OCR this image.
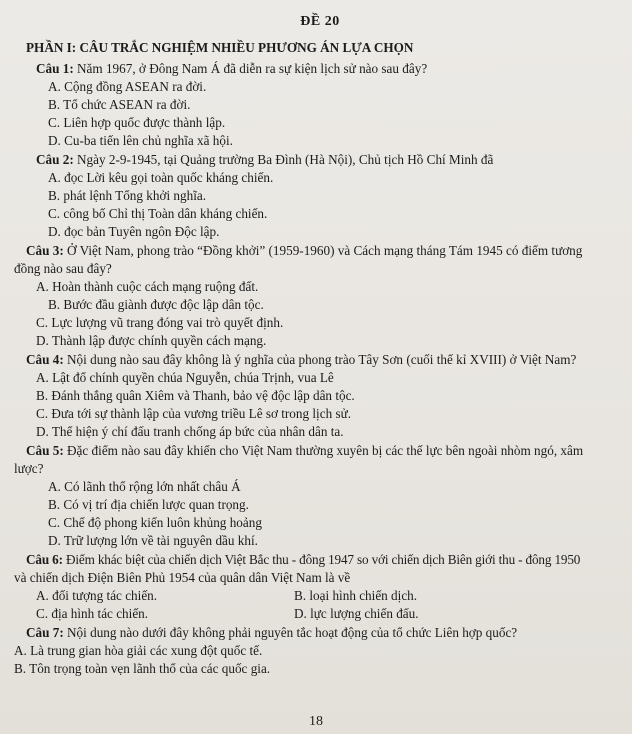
ĐỀ 20
PHẦN I: CÂU TRẮC NGHIỆM NHIỀU PHƯƠNG ÁN LỰA CHỌN
Câu 1: Năm 1967, ở Đông Nam Á đã diễn ra sự kiện lịch sử nào sau đây?
A. Cộng đồng ASEAN ra đời.
B. Tổ chức ASEAN ra đời.
C. Liên hợp quốc được thành lập.
D. Cu-ba tiến lên chủ nghĩa xã hội.
Câu 2: Ngày 2-9-1945, tại Quảng trường Ba Đình (Hà Nội), Chủ tịch Hồ Chí Minh đã
A. đọc Lời kêu gọi toàn quốc kháng chiến.
B. phát lệnh Tổng khởi nghĩa.
C. công bố Chỉ thị Toàn dân kháng chiến.
D. đọc bản Tuyên ngôn Độc lập.
Câu 3: Ở Việt Nam, phong trào “Đồng khởi” (1959-1960) và Cách mạng tháng Tám 1945 có điểm tương
đồng nào sau đây?
A. Hoàn thành cuộc cách mạng ruộng đất.
B. Bước đầu giành được độc lập dân tộc.
C. Lực lượng vũ trang đóng vai trò quyết định.
D. Thành lập được chính quyền cách mạng.
Câu 4: Nội dung nào sau đây không là ý nghĩa của phong trào Tây Sơn (cuối thế kỉ XVIII) ở Việt Nam?
A. Lật đổ chính quyền chúa Nguyễn, chúa Trịnh, vua Lê
B. Đánh thắng quân Xiêm và Thanh, bảo vệ độc lập dân tộc.
C. Đưa tới sự thành lập của vương triều Lê sơ trong lịch sử.
D. Thể hiện ý chí đấu tranh chống áp bức của nhân dân ta.
Câu 5: Đặc điểm nào sau đây khiến cho Việt Nam thường xuyên bị các thế lực bên ngoài nhòm ngó, xâm
lược?
A. Có lãnh thổ rộng lớn nhất châu Á
B. Có vị trí địa chiến lược quan trọng.
C. Chế độ phong kiến luôn khủng hoảng
D. Trữ lượng lớn về tài nguyên dầu khí.
Câu 6: Điểm khác biệt của chiến dịch Việt Bắc thu - đông 1947 so với chiến dịch Biên giới thu - đông 1950
và chiến dịch Điện Biên Phủ 1954 của quân dân Việt Nam là về
A. đối tượng tác chiến.	B. loại hình chiến dịch.
C. địa hình tác chiến.	D. lực lượng chiến đấu.
Câu 7: Nội dung nào dưới đây không phải nguyên tắc hoạt động của tổ chức Liên hợp quốc?
A. Là trung gian hòa giải các xung đột quốc tế.
B. Tôn trọng toàn vẹn lãnh thổ của các quốc gia.
18
